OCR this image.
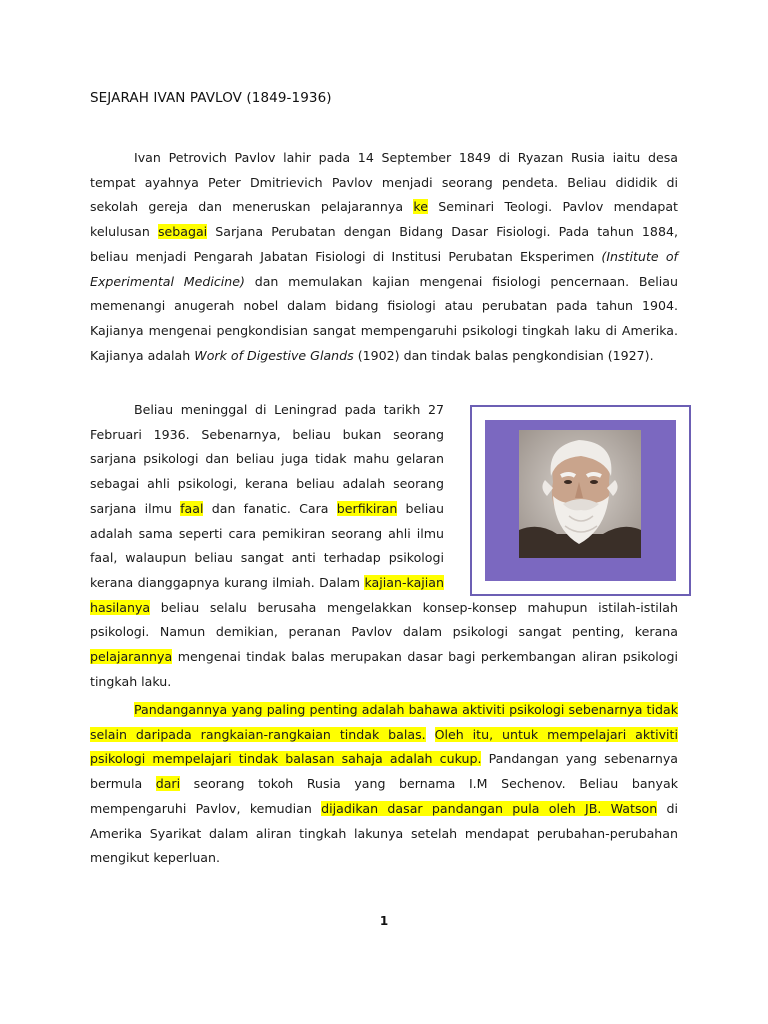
SEJARAH IVAN PAVLOV (1849-1936)

Ivan Petrovich Pavlov lahir pada 14 September 1849 di Ryazan Rusia iaitu desa tempat ayahnya Peter Dmitrievich Pavlov menjadi seorang pendeta. Beliau dididik di sekolah gereja dan meneruskan pelajarannya ke Seminari Teologi. Pavlov mendapat kelulusan sebagai Sarjana Perubatan dengan Bidang Dasar Fisiologi. Pada tahun 1884, beliau menjadi Pengarah Jabatan Fisiologi di Institusi Perubatan Eksperimen (Institute of Experimental Medicine) dan memulakan kajian mengenai fisiologi pencernaan. Beliau memenangi anugerah nobel dalam bidang fisiologi atau perubatan pada tahun 1904. Kajianya mengenai pengkondisian sangat mempengaruhi psikologi tingkah laku di Amerika. Kajianya adalah Work of Digestive Glands (1902) dan tindak balas pengkondisian (1927).

Beliau meninggal di Leningrad pada tarikh 27 Februari 1936. Sebenarnya, beliau bukan seorang sarjana psikologi dan beliau juga tidak mahu gelaran sebagai ahli psikologi, kerana beliau adalah seorang sarjana ilmu faal dan fanatic. Cara berfikiran beliau adalah sama seperti cara pemikiran seorang ahli ilmu faal, walaupun beliau sangat anti terhadap psikologi kerana dianggapnya kurang ilmiah. Dalam kajian-kajian hasilanya beliau selalu berusaha mengelakkan konsep-konsep mahupun istilah-istilah psikologi. Namun demikian, peranan Pavlov dalam psikologi sangat penting, kerana pelajarannya mengenai tindak balas merupakan dasar bagi perkembangan aliran psikologi tingkah laku.

Pandangannya yang paling penting adalah bahawa aktiviti psikologi sebenarnya tidak selain daripada rangkaian-rangkaian tindak balas. Oleh itu, untuk mempelajari aktiviti psikologi mempelajari tindak balasan sahaja adalah cukup. Pandangan yang sebenarnya bermula dari seorang tokoh Rusia yang bernama I.M Sechenov. Beliau banyak mempengaruhi Pavlov, kemudian dijadikan dasar pandangan pula oleh JB. Watson di Amerika Syarikat dalam aliran tingkah lakunya setelah mendapat perubahan-perubahan mengikut keperluan.

1
